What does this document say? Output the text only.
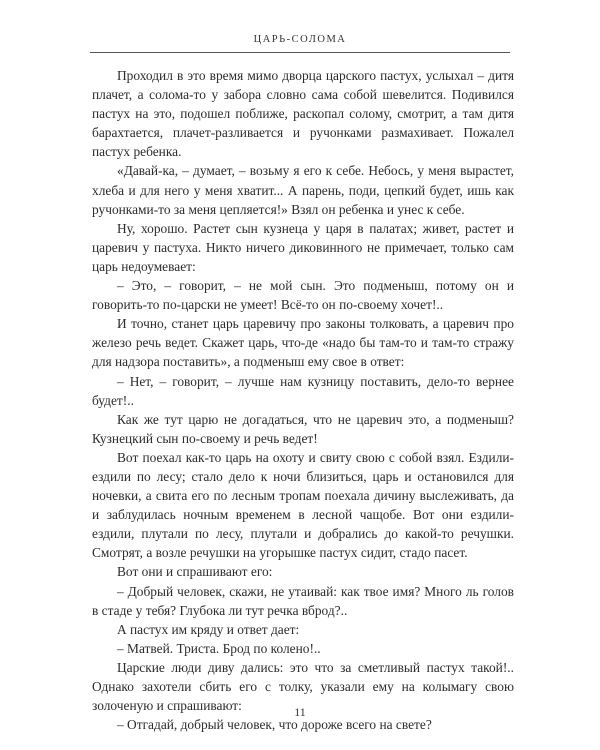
ЦАРЬ-СОЛОМА

Проходил в это время мимо дворца царского пастух, услыхал – дитя плачет, а солома-то у забора словно сама собой шевелится. Подивился пастух на это, подошел поближе, раскопал солому, смотрит, а там дитя барахтается, плачет-разливается и ручонками размахивает. Пожалел пастух ребенка.

«Давай-ка, – думает, – возьму я его к себе. Небось, у меня вырастет, хлеба и для него у меня хватит... А парень, поди, цепкий будет, ишь как ручонками-то за меня цепляется!» Взял он ребенка и унес к себе.

Ну, хорошо. Растет сын кузнеца у царя в палатах; живет, растет и царевич у пастуха. Никто ничего диковинного не примечает, только сам царь недоумевает:

– Это, – говорит, – не мой сын. Это подменыш, потому он и говорить-то по-царски не умеет! Всё-то он по-своему хочет!..

И точно, станет царь царевичу про законы толковать, а царевич про железо речь ведет. Скажет царь, что-де «надо бы там-то и там-то стражу для надзора поставить», а подменыш ему свое в ответ:

– Нет, – говорит, – лучше нам кузницу поставить, дело-то вернее будет!..

Как же тут царю не догадаться, что не царевич это, а подменыш? Кузнецкий сын по-своему и речь ведет!

Вот поехал как-то царь на охоту и свиту свою с собой взял. Ездили-ездили по лесу; стало дело к ночи близиться, царь и остановился для ночевки, а свита его по лесным тропам поехала дичину выслеживать, да и заблудилась ночным временем в лесной чащобе. Вот они ездили-ездили, плутали по лесу, плутали и добрались до какой-то речушки. Смотрят, а возле речушки на угорышке пастух сидит, стадо пасет.

Вот они и спрашивают его:

– Добрый человек, скажи, не утаивай: как твое имя? Много ль голов в стаде у тебя? Глубока ли тут речка вброд?..

А пастух им кряду и ответ дает:

– Матвей. Триста. Брод по колено!..

Царские люди диву дались: это что за сметливый пастух такой!.. Однако захотели сбить его с толку, указали ему на колымагу свою золоченую и спрашивают:

– Отгадай, добрый человек, что дороже всего на свете?

11
